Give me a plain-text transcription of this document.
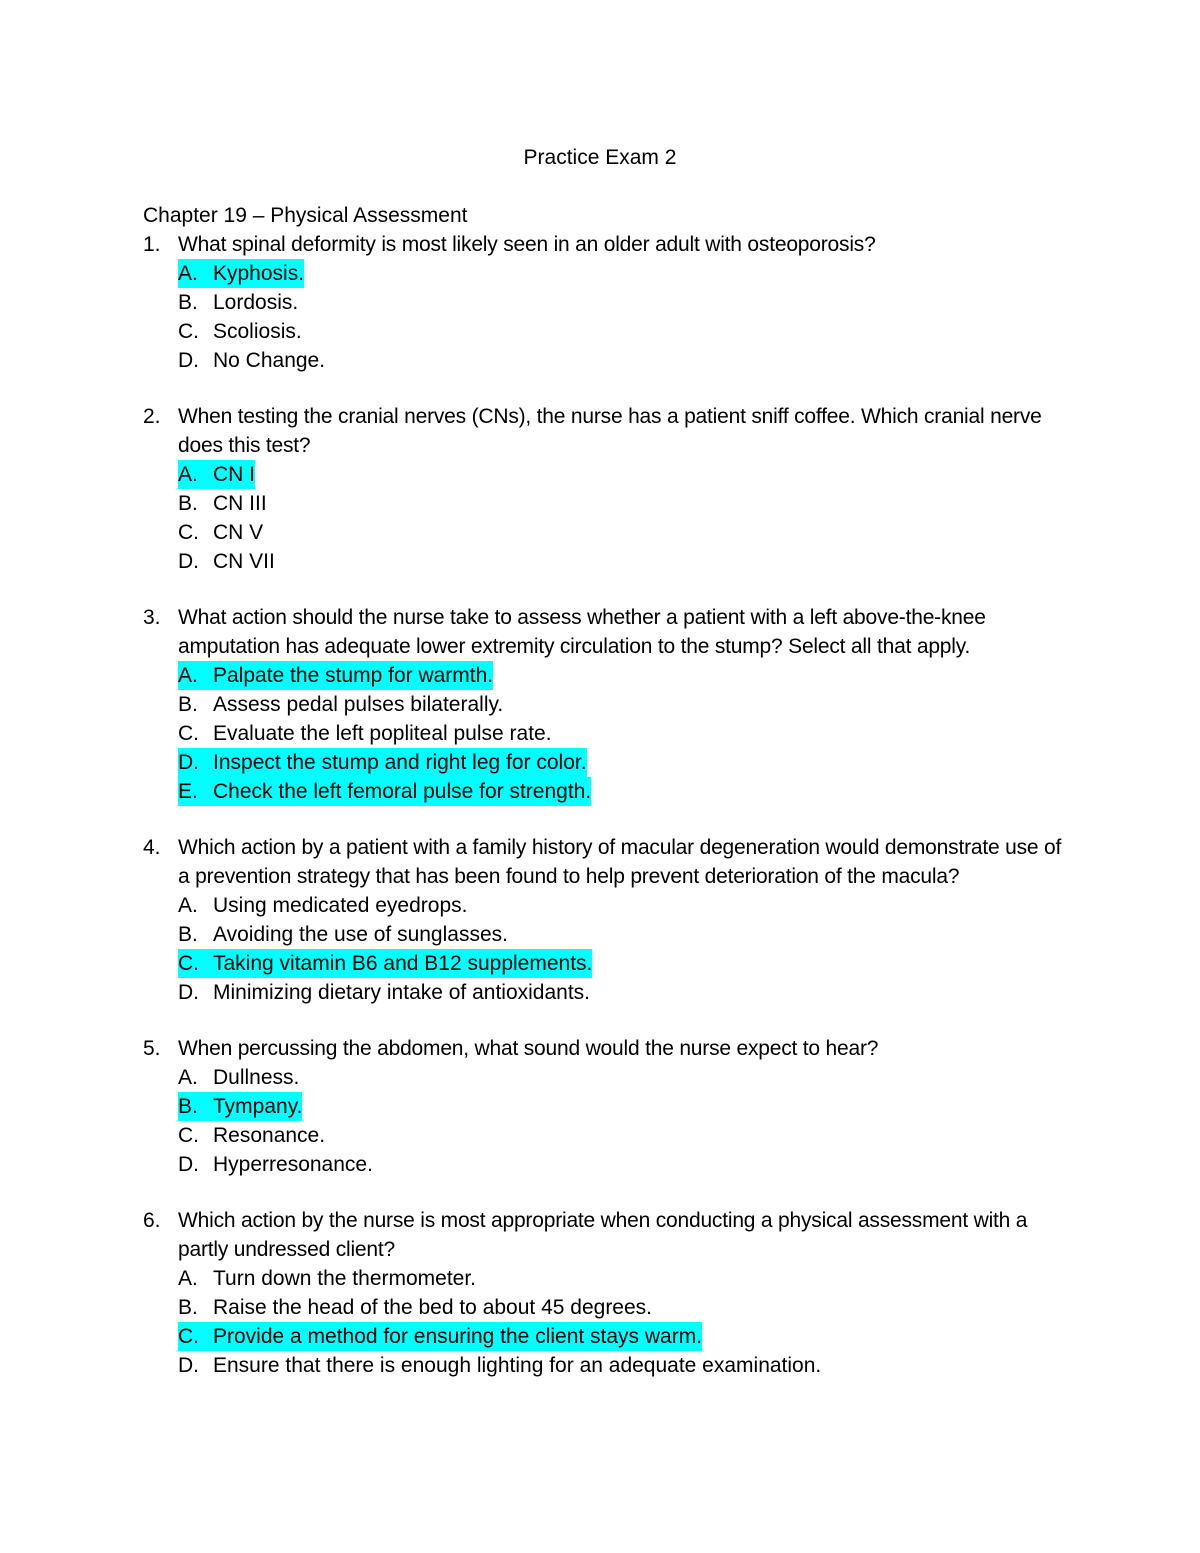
Practice Exam 2
Chapter 19 – Physical Assessment
1. What spinal deformity is most likely seen in an older adult with osteoporosis?
A. Kyphosis.
B. Lordosis.
C. Scoliosis.
D. No Change.
2. When testing the cranial nerves (CNs), the nurse has a patient sniff coffee. Which cranial nerve does this test?
A. CN I
B. CN III
C. CN V
D. CN VII
3. What action should the nurse take to assess whether a patient with a left above-the-knee amputation has adequate lower extremity circulation to the stump? Select all that apply.
A. Palpate the stump for warmth.
B. Assess pedal pulses bilaterally.
C. Evaluate the left popliteal pulse rate.
D. Inspect the stump and right leg for color.
E. Check the left femoral pulse for strength.
4. Which action by a patient with a family history of macular degeneration would demonstrate use of a prevention strategy that has been found to help prevent deterioration of the macula?
A. Using medicated eyedrops.
B. Avoiding the use of sunglasses.
C. Taking vitamin B6 and B12 supplements.
D. Minimizing dietary intake of antioxidants.
5. When percussing the abdomen, what sound would the nurse expect to hear?
A. Dullness.
B. Tympany.
C. Resonance.
D. Hyperresonance.
6. Which action by the nurse is most appropriate when conducting a physical assessment with a partly undressed client?
A. Turn down the thermometer.
B. Raise the head of the bed to about 45 degrees.
C. Provide a method for ensuring the client stays warm.
D. Ensure that there is enough lighting for an adequate examination.
